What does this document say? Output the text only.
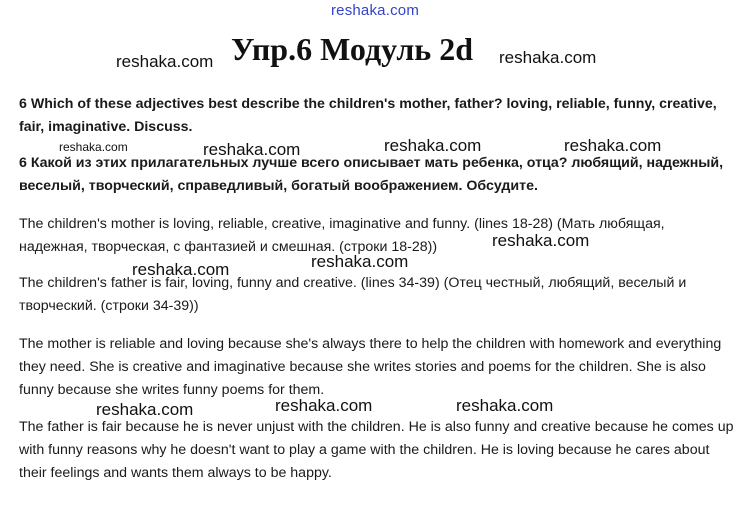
reshaka.com
reshaka.com Упр.6 Модуль 2d reshaka.com
6 Which of these adjectives best describe the children's mother, father? loving, reliable, funny, creative, fair, imaginative. Discuss.
6 Какой из этих прилагательных лучше всего описывает мать ребенка, отца? любящий, надежный, веселый, творческий, справедливый, богатый воображением. Обсудите.
reshaka.com	reshaka.com	reshaka.com	reshaka.com
The children's mother is loving, reliable, creative, imaginative and funny. (lines 18-28) (Мать любящая, надежная, творческая, с фантазией и смешная. (строки 18-28))	reshaka.com
reshaka.com	reshaka.com
The children's father is fair, loving, funny and creative. (lines 34-39) (Отец честный, любящий, веселый и творческий. (строки 34-39))
The mother is reliable and loving because she's always there to help the children with homework and everything they need. She is creative and imaginative because she writes stories and poems for the children. She is also funny because she writes funny poems for them.
reshaka.com	reshaka.com	reshaka.com
The father is fair because he is never unjust with the children. He is also funny and creative because he comes up with funny reasons why he doesn't want to play a game with the children. He is loving because he cares about their feelings and wants them always to be happy.
